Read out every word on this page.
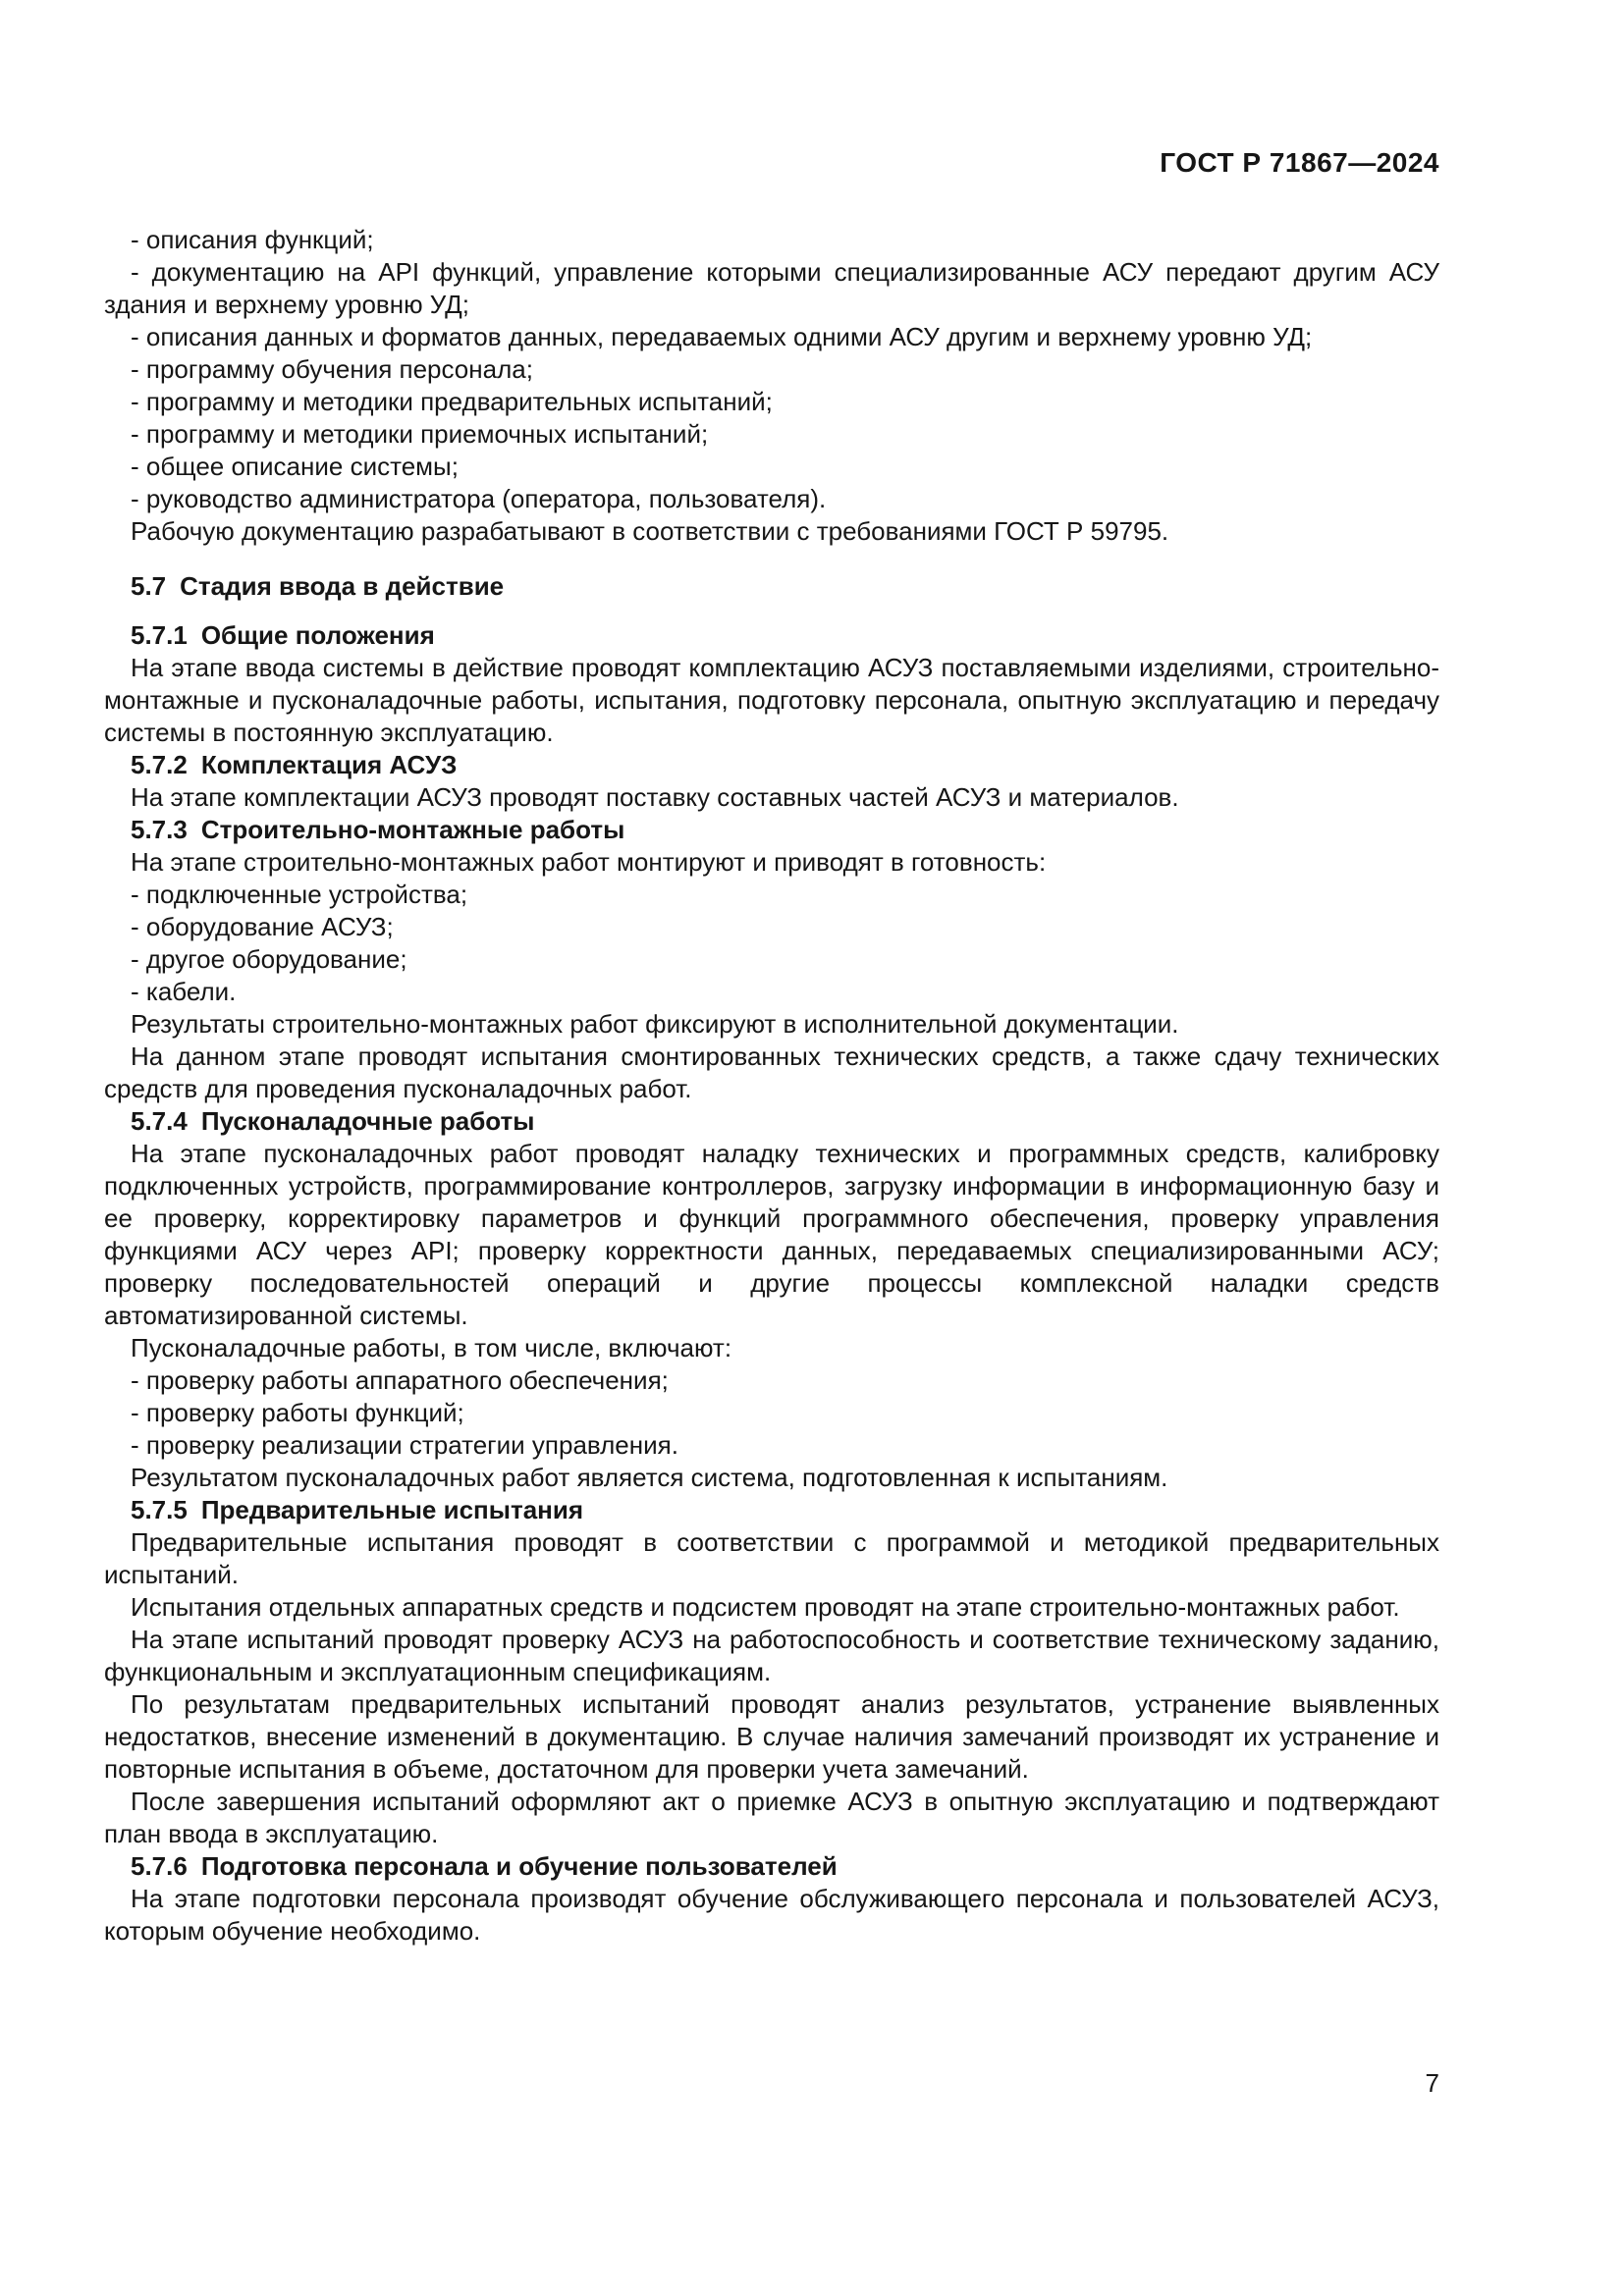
ГОСТ Р 71867—2024

- описания функций;

- документацию на API функций, управление которыми специализированные АСУ передают другим АСУ здания и верхнему уровню УД;

- описания данных и форматов данных, передаваемых одними АСУ другим и верхнему уровню УД;

- программу обучения персонала;

- программу и методики предварительных испытаний;

- программу и методики приемочных испытаний;

- общее описание системы;

- руководство администратора (оператора, пользователя).

Рабочую документацию разрабатывают в соответствии с требованиями ГОСТ Р 59795.

5.7 Стадия ввода в действие
5.7.1 Общие положения

На этапе ввода системы в действие проводят комплектацию АСУЗ поставляемыми изделиями, строительно-монтажные и пусконаладочные работы, испытания, подготовку персонала, опытную эксплуатацию и передачу системы в постоянную эксплуатацию.

5.7.2 Комплектация АСУЗ

На этапе комплектации АСУЗ проводят поставку составных частей АСУЗ и материалов.

5.7.3 Строительно-монтажные работы

На этапе строительно-монтажных работ монтируют и приводят в готовность:

- подключенные устройства;

- оборудование АСУЗ;

- другое оборудование;

- кабели.

Результаты строительно-монтажных работ фиксируют в исполнительной документации.

На данном этапе проводят испытания смонтированных технических средств, а также сдачу технических средств для проведения пусконаладочных работ.

5.7.4 Пусконаладочные работы

На этапе пусконаладочных работ проводят наладку технических и программных средств, калибровку подключенных устройств, программирование контроллеров, загрузку информации в информационную базу и ее проверку, корректировку параметров и функций программного обеспечения, проверку управления функциями АСУ через API; проверку корректности данных, передаваемых специализированными АСУ; проверку последовательностей операций и другие процессы комплексной наладки средств автоматизированной системы.

Пусконаладочные работы, в том числе, включают:

- проверку работы аппаратного обеспечения;

- проверку работы функций;

- проверку реализации стратегии управления.

Результатом пусконаладочных работ является система, подготовленная к испытаниям.

5.7.5 Предварительные испытания

Предварительные испытания проводят в соответствии с программой и методикой предварительных испытаний.

Испытания отдельных аппаратных средств и подсистем проводят на этапе строительно-монтажных работ.

На этапе испытаний проводят проверку АСУЗ на работоспособность и соответствие техническому заданию, функциональным и эксплуатационным спецификациям.

По результатам предварительных испытаний проводят анализ результатов, устранение выявленных недостатков, внесение изменений в документацию. В случае наличия замечаний производят их устранение и повторные испытания в объеме, достаточном для проверки учета замечаний.

После завершения испытаний оформляют акт о приемке АСУЗ в опытную эксплуатацию и подтверждают план ввода в эксплуатацию.

5.7.6 Подготовка персонала и обучение пользователей

На этапе подготовки персонала производят обучение обслуживающего персонала и пользователей АСУЗ, которым обучение необходимо.

7
